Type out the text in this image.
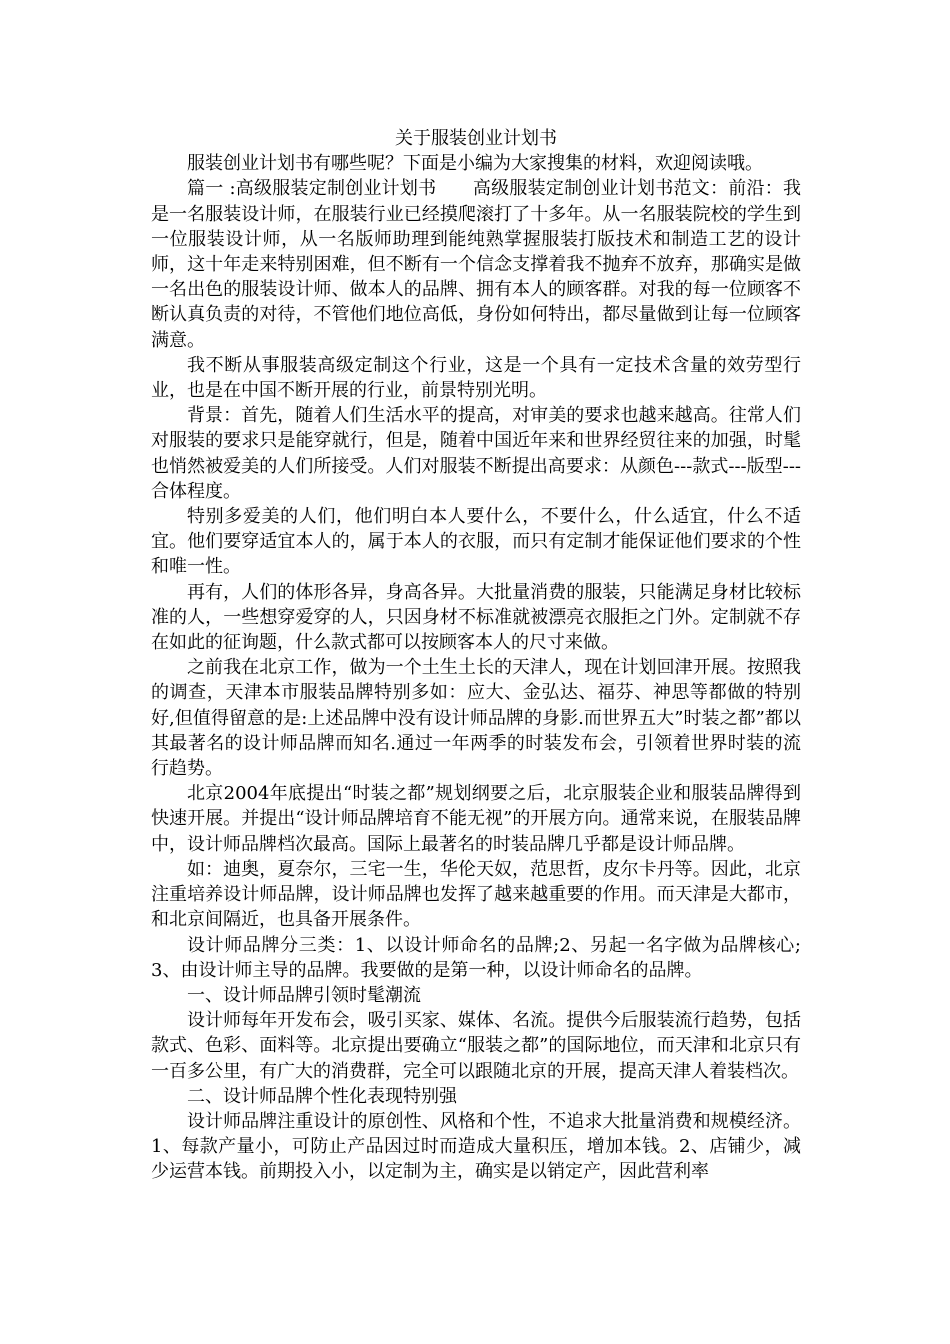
关于服装创业计划书

服装创业计划书有哪些呢？下面是小编为大家搜集的材料，欢迎阅读哦。

篇一 :高级服装定制创业计划书　　高级服装定制创业计划书范文：前沿：我是一名服装设计师，在服装行业已经摸爬滚打了十多年。从一名服装院校的学生到一位服装设计师，从一名版师助理到能纯熟掌握服装打版技术和制造工艺的设计师，这十年走来特别困难，但不断有一个信念支撑着我不抛弃不放弃，那确实是做一名出色的服装设计师、做本人的品牌、拥有本人的顾客群。对我的每一位顾客不断认真负责的对待，不管他们地位高低，身份如何特出，都尽量做到让每一位顾客满意。

我不断从事服装高级定制这个行业，这是一个具有一定技术含量的效劳型行业，也是在中国不断开展的行业，前景特别光明。

背景：首先，随着人们生活水平的提高，对审美的要求也越来越高。往常人们对服装的要求只是能穿就行，但是，随着中国近年来和世界经贸往来的加强，时髦也悄然被爱美的人们所接受。人们对服装不断提出高要求：从颜色---款式---版型---合体程度。

特别多爱美的人们，他们明白本人要什么，不要什么，什么适宜，什么不适宜。他们要穿适宜本人的，属于本人的衣服，而只有定制才能保证他们要求的个性和唯一性。

再有，人们的体形各异，身高各异。大批量消费的服装，只能满足身材比较标准的人，一些想穿爱穿的人，只因身材不标准就被漂亮衣服拒之门外。定制就不存在如此的征询题，什么款式都可以按顾客本人的尺寸来做。

之前我在北京工作，做为一个土生土长的天津人，现在计划回津开展。按照我的调查，天津本市服装品牌特别多如：应大、金弘达、福芬、神思等都做的特别好,但值得留意的是:上述品牌中没有设计师品牌的身影.而世界五大”时装之都”都以其最著名的设计师品牌而知名.通过一年两季的时装发布会，引领着世界时装的流行趋势。

北京2004年底提出“时装之都”规划纲要之后，北京服装企业和服装品牌得到快速开展。并提出“设计师品牌培育不能无视”的开展方向。通常来说，在服装品牌中，设计师品牌档次最高。国际上最著名的时装品牌几乎都是设计师品牌。

如：迪奥，夏奈尔，三宅一生，华伦天奴，范思哲，皮尔卡丹等。因此，北京注重培养设计师品牌，设计师品牌也发挥了越来越重要的作用。而天津是大都市，和北京间隔近，也具备开展条件。

设计师品牌分三类：1、以设计师命名的品牌;2、另起一名字做为品牌核心;3、由设计师主导的品牌。我要做的是第一种，以设计师命名的品牌。

一、设计师品牌引领时髦潮流

设计师每年开发布会，吸引买家、媒体、名流。提供今后服装流行趋势，包括款式、色彩、面料等。北京提出要确立“服装之都”的国际地位，而天津和北京只有一百多公里，有广大的消费群，完全可以跟随北京的开展，提高天津人着装档次。

二、设计师品牌个性化表现特别强

设计师品牌注重设计的原创性、风格和个性，不追求大批量消费和规模经济。1、每款产量小，可防止产品因过时而造成大量积压，增加本钱。2、店铺少，减少运营本钱。前期投入小，以定制为主，确实是以销定产，因此营利率
